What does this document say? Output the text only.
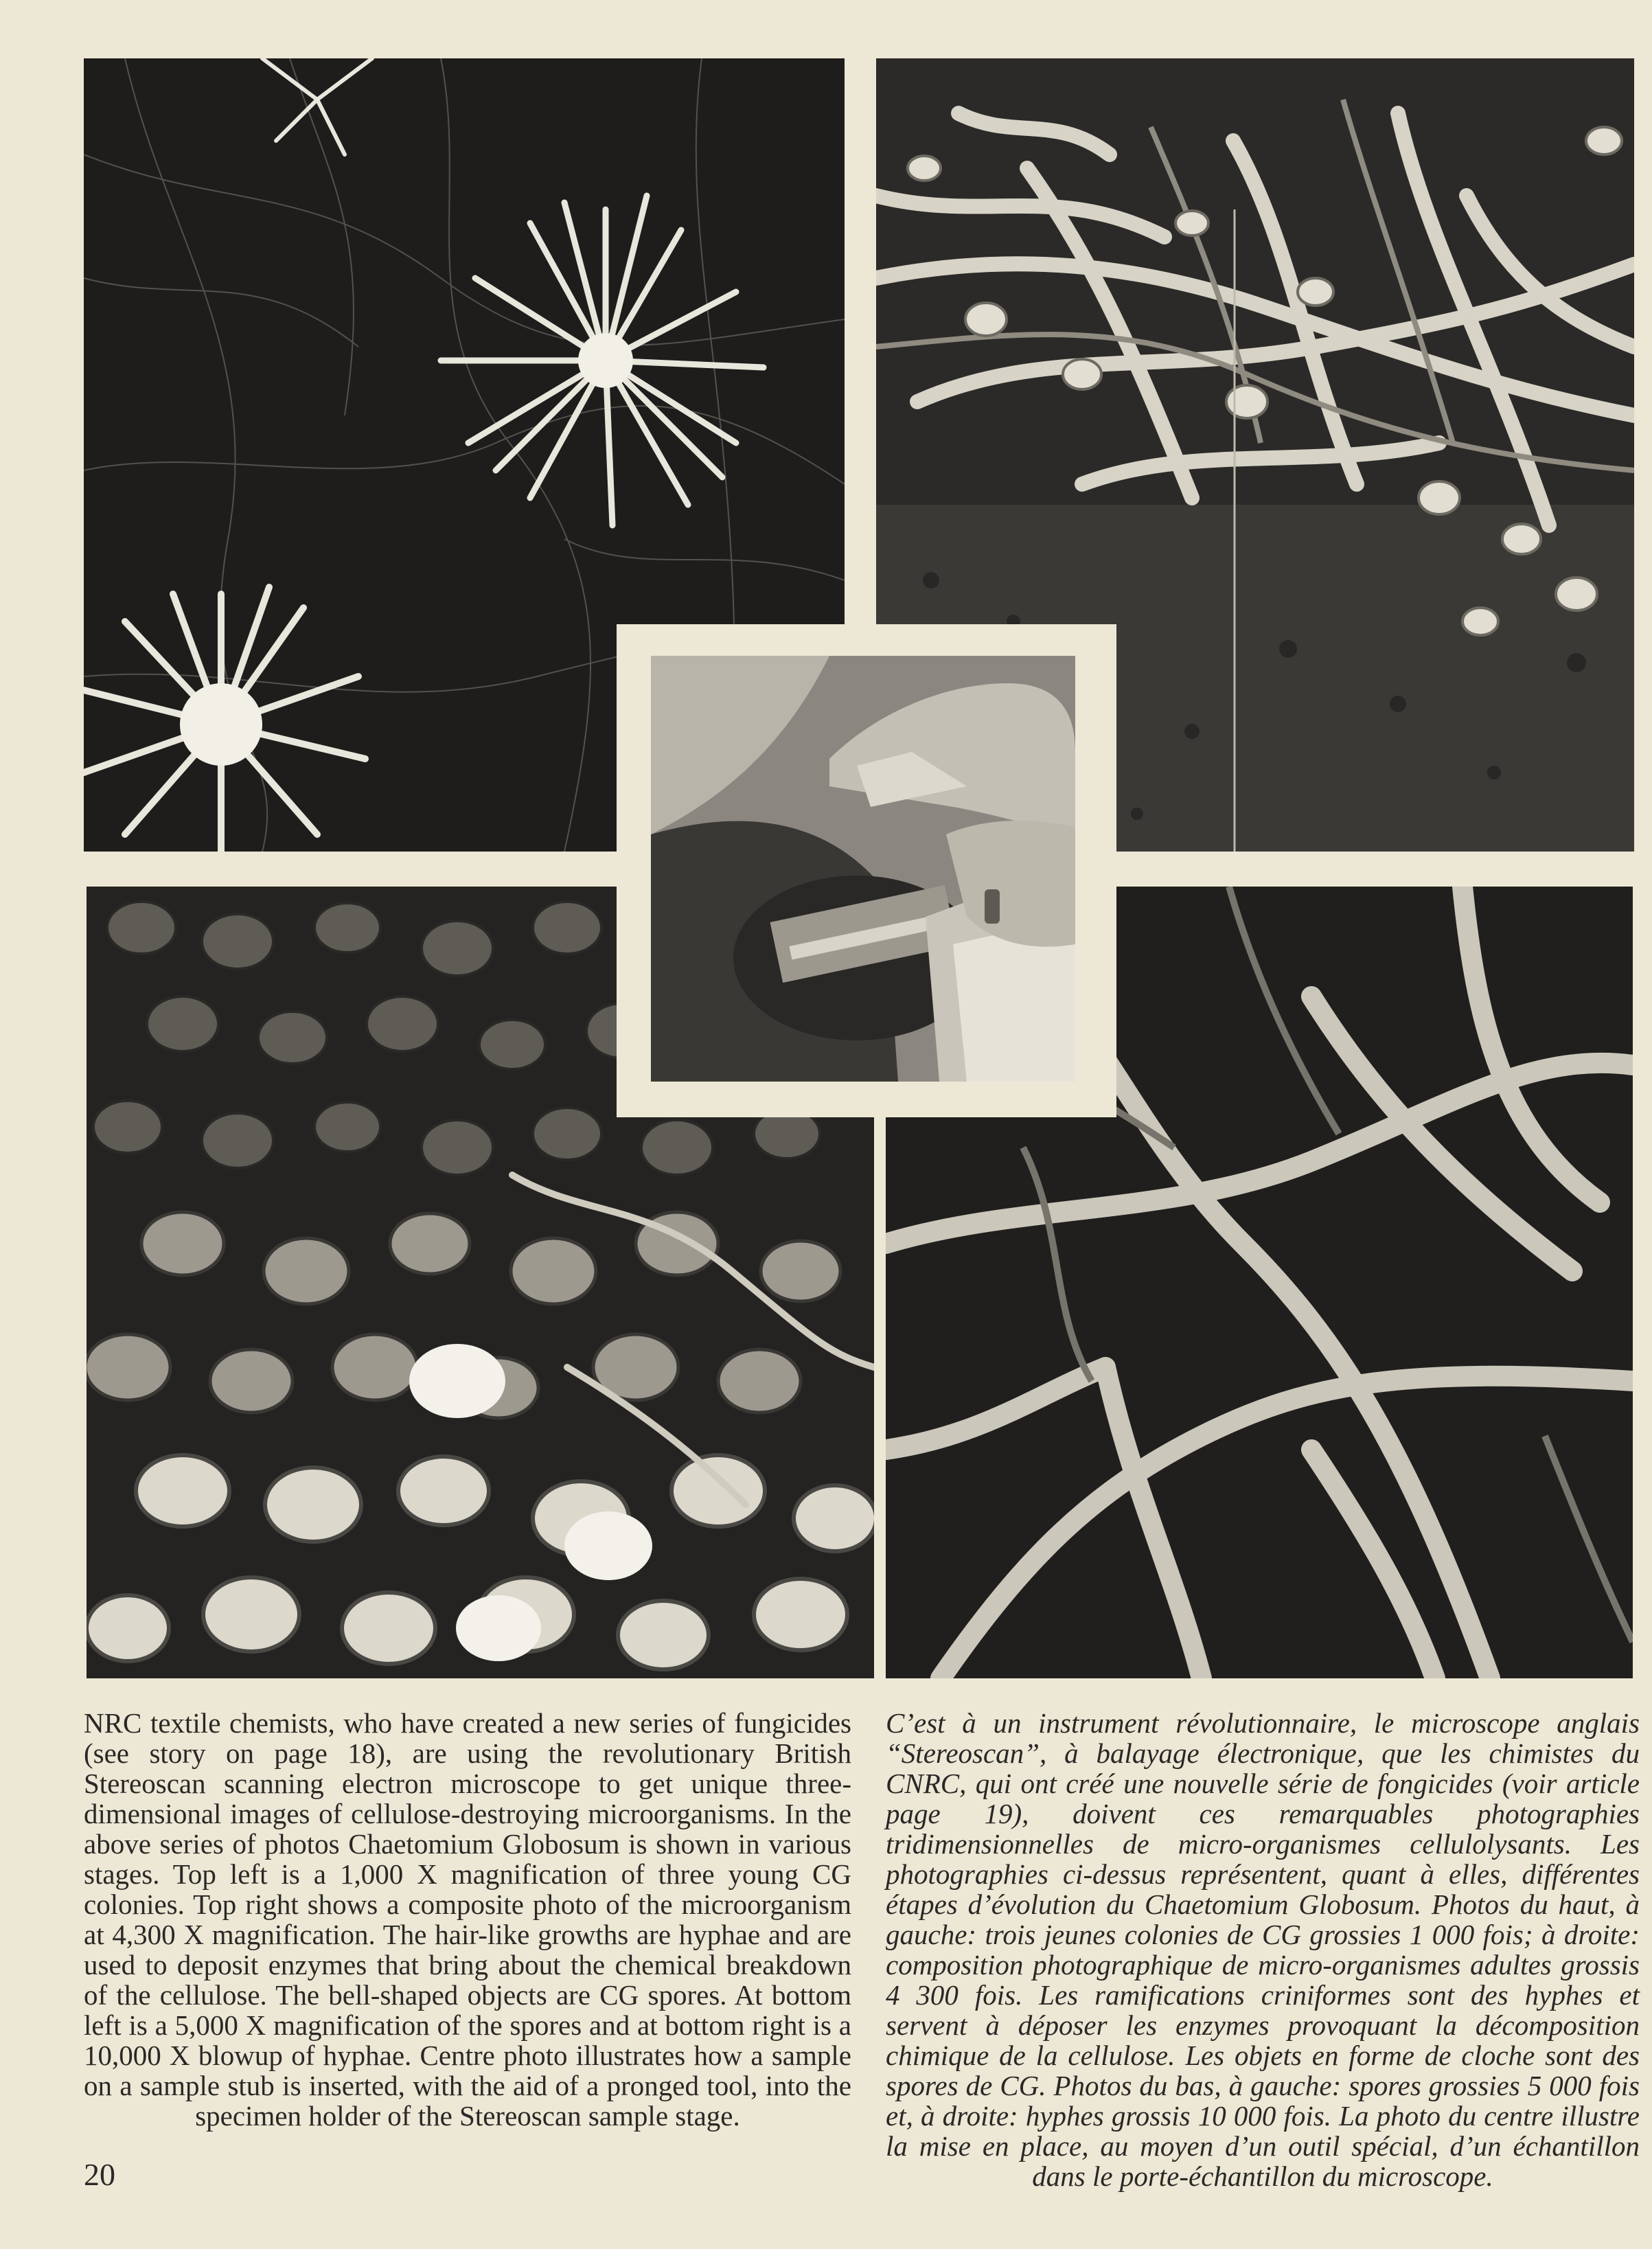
NRC textile chemists, who have created a new series of fungicides (see story on page 18), are using the revolutionary British Stereoscan scanning electron microscope to get unique three-dimensional images of cellulose-destroying microorganisms. In the above series of photos Chaetomium Globosum is shown in various stages. Top left is a 1,000 X magnification of three young CG colonies. Top right shows a composite photo of the microorganism at 4,300 X magnification. The hair-like growths are hyphae and are used to deposit enzymes that bring about the chemical breakdown of the cellulose. The bell-shaped objects are CG spores. At bottom left is a 5,000 X magnification of the spores and at bottom right is a 10,000 X blowup of hyphae. Centre photo illustrates how a sample on a sample stub is inserted, with the aid of a pronged tool, into the specimen holder of the Stereoscan sample stage.
C’est à un instrument révolutionnaire, le microscope anglais “Stereoscan”, à balayage électronique, que les chimistes du CNRC, qui ont créé une nouvelle série de fongicides (voir article page 19), doivent ces remarquables photographies tridimensionnelles de micro-organismes cellulolysants. Les photographies ci-dessus représentent, quant à elles, différentes étapes d’évolution du Chaetomium Globosum. Photos du haut, à gauche: trois jeunes colonies de CG grossies 1 000 fois; à droite: composition photographique de micro-organismes adultes grossis 4 300 fois. Les ramifications criniformes sont des hyphes et servent à déposer les enzymes provoquant la décomposition chimique de la cellulose. Les objets en forme de cloche sont des spores de CG. Photos du bas, à gauche: spores grossies 5 000 fois et, à droite: hyphes grossis 10 000 fois. La photo du centre illustre la mise en place, au moyen d’un outil spécial, d’un échantillon dans le porte-échantillon du microscope.
20
